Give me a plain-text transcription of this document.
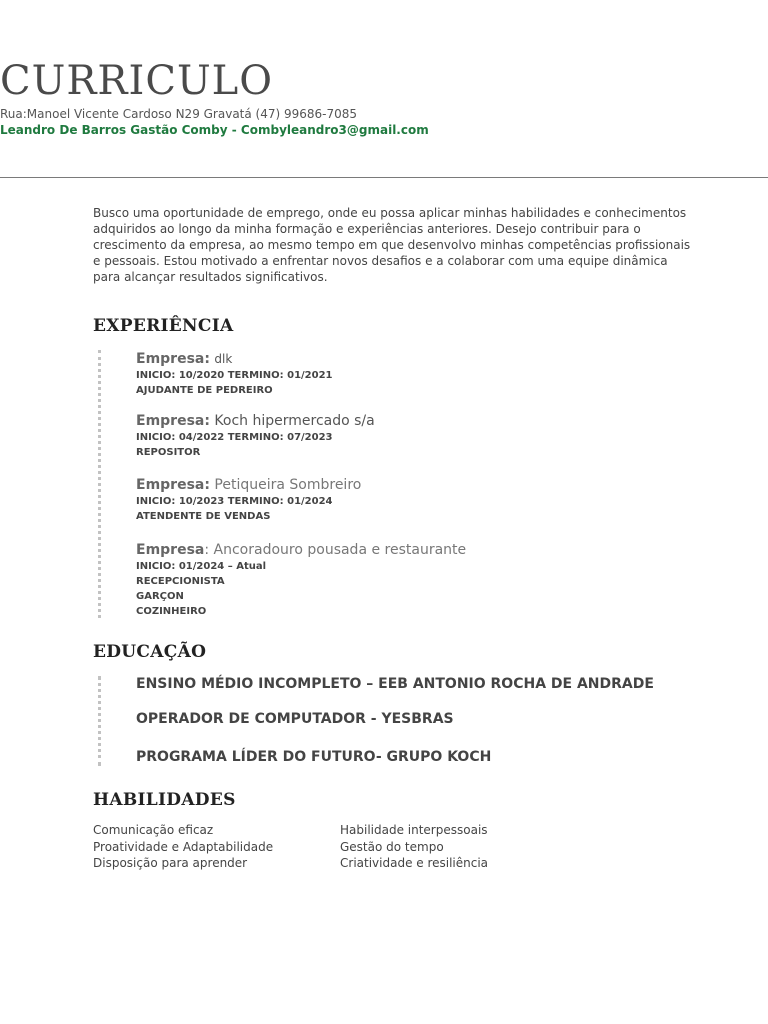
CURRICULO
Rua:Manoel Vicente Cardoso N29 Gravatá (47) 99686-7085
Leandro De Barros Gastão Comby - Combyleandro3@gmail.com
Busco uma oportunidade de emprego, onde eu possa aplicar minhas habilidades e conhecimentos adquiridos ao longo da minha formação e experiências anteriores. Desejo contribuir para o crescimento da empresa, ao mesmo tempo em que desenvolvo minhas competências profissionais e pessoais. Estou motivado a enfrentar novos desafios e a colaborar com uma equipe dinâmica para alcançar resultados significativos.
EXPERIÊNCIA
Empresa: dlk
INICIO: 10/2020 TERMINO: 01/2021
AJUDANTE DE PEDREIRO
Empresa: Koch hipermercado s/a
INICIO: 04/2022 TERMINO: 07/2023
REPOSITOR
Empresa: Petiqueira Sombreiro
INICIO: 10/2023 TERMINO: 01/2024
ATENDENTE DE VENDAS
Empresa: Ancoradouro pousada e restaurante
INICIO: 01/2024 – Atual
RECEPCIONISTA
GARÇON
COZINHEIRO
EDUCAÇÃO
ENSINO MÉDIO INCOMPLETO – EEB ANTONIO ROCHA DE ANDRADE
OPERADOR DE COMPUTADOR - YESBRAS
PROGRAMA LÍDER DO FUTURO- GRUPO KOCH
HABILIDADES
Comunicação eficaz
Proatividade e Adaptabilidade
Disposição para aprender
Habilidade interpessoais
Gestão do tempo
Criatividade e resiliência
